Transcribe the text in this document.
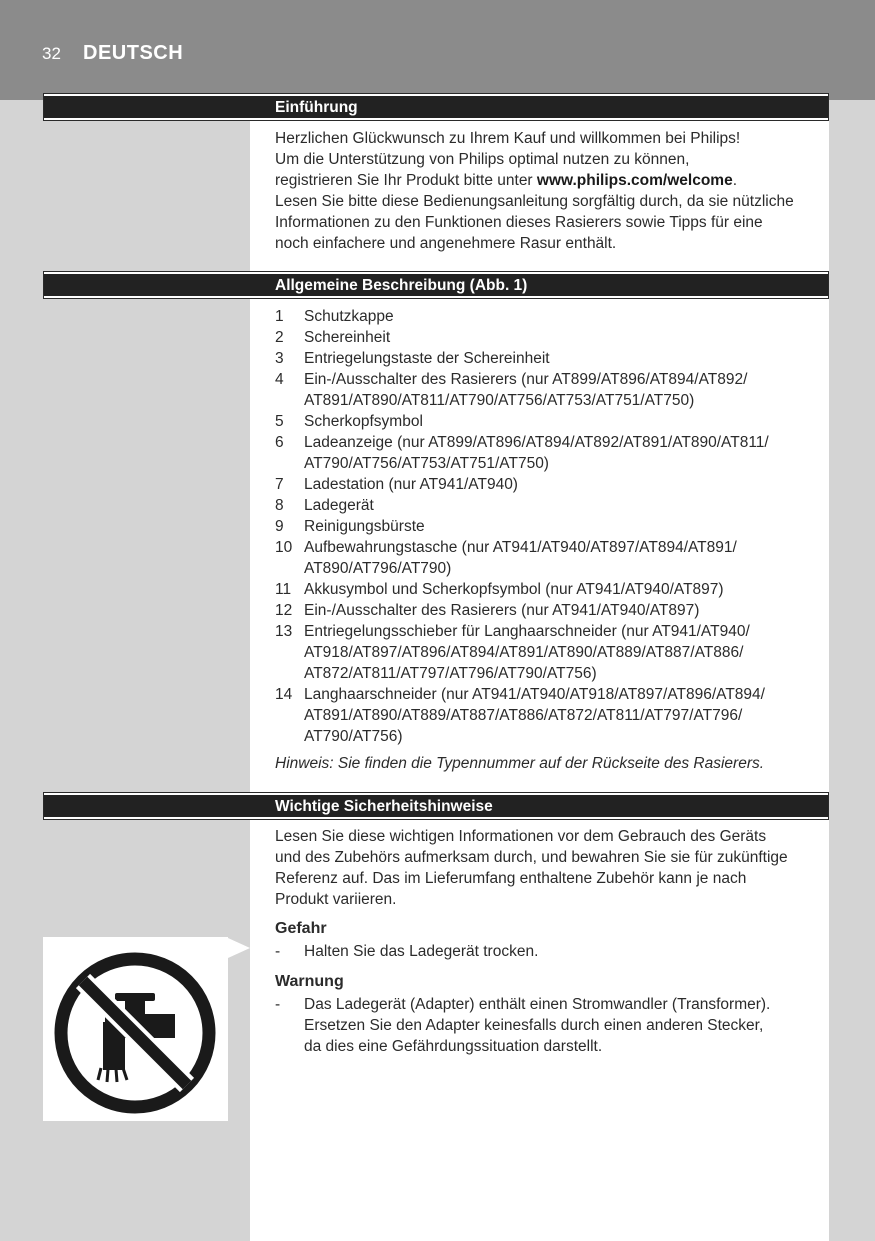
32 DEUTSCH
Einführung

Herzlichen Glückwunsch zu Ihrem Kauf und willkommen bei Philips!

Um die Unterstützung von Philips optimal nutzen zu können,

registrieren Sie Ihr Produkt bitte unter www.philips.com/welcome.

Lesen Sie bitte diese Bedienungsanleitung sorgfältig durch, da sie nützliche

Informationen zu den Funktionen dieses Rasierers sowie Tipps für eine

noch einfachere und angenehmere Rasur enthält.

Allgemeine Beschreibung (Abb. 1)
1 Schutzkappe
2 Schereinheit
3 Entriegelungstaste der Schereinheit
4 Ein-/Ausschalter des Rasierers (nur AT899/AT896/AT894/AT892/
AT891/AT890/AT811/AT790/AT756/AT753/AT751/AT750)
5 Scherkopfsymbol
6 Ladeanzeige (nur AT899/AT896/AT894/AT892/AT891/AT890/AT811/
AT790/AT756/AT753/AT751/AT750)
7 Ladestation (nur AT941/AT940)
8 Ladegerät
9 Reinigungsbürste
10 Aufbewahrungstasche (nur AT941/AT940/AT897/AT894/AT891/
AT890/AT796/AT790)
11 Akkusymbol und Scherkopfsymbol (nur AT941/AT940/AT897)
12 Ein-/Ausschalter des Rasierers (nur AT941/AT940/AT897)
13 Entriegelungsschieber für Langhaarschneider (nur AT941/AT940/
AT918/AT897/AT896/AT894/AT891/AT890/AT889/AT887/AT886/
AT872/AT811/AT797/AT796/AT790/AT756)
14 Langhaarschneider (nur AT941/AT940/AT918/AT897/AT896/AT894/
AT891/AT890/AT889/AT887/AT886/AT872/AT811/AT797/AT796/
AT790/AT756)
Hinweis: Sie finden die Typennummer auf der Rückseite des Rasierers.
Wichtige Sicherheitshinweise

Lesen Sie diese wichtigen Informationen vor dem Gebrauch des Geräts

und des Zubehörs aufmerksam durch, und bewahren Sie sie für zukünftige

Referenz auf. Das im Lieferumfang enthaltene Zubehör kann je nach

Produkt variieren.

Gefahr
- Halten Sie das Ladegerät trocken.
Warnung
- Das Ladegerät (Adapter) enthält einen Stromwandler (Transformer).
Ersetzen Sie den Adapter keinesfalls durch einen anderen Stecker,
da dies eine Gefährdungssituation darstellt.
